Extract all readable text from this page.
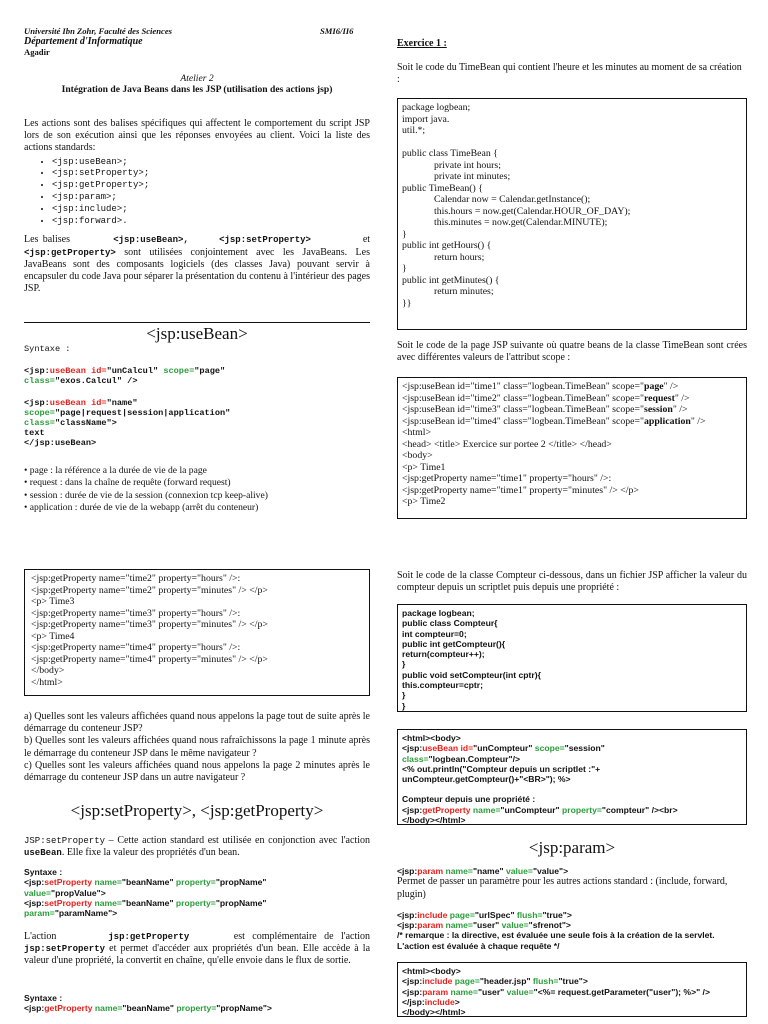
Université Ibn Zohr, Faculté des Sciences	SMI6/II6
Département d'Informatique
Agadir
Atelier 2
Intégration de Java Beans dans les JSP (utilisation des actions jsp)
Les actions sont des balises spécifiques qui affectent le comportement du script JSP lors de son exécution ainsi que les réponses envoyées au client. Voici la liste des actions standards:
• <jsp:useBean>;
• <jsp:setProperty>;
• <jsp:getProperty>;
• <jsp:param>;
• <jsp:include>;
• <jsp:forward>.
Les balises	<jsp:useBean>,	<jsp:setProperty>	et <jsp:getProperty> sont utilisées conjointement avec les JavaBeans. Les JavaBeans sont des composants logiciels (des classes Java) pouvant servir à encapsuler du code Java pour séparer la présentation du contenu à l'intérieur des pages JSP.
<jsp:useBean>
Syntaxe :
<jsp:useBean id="unCalcul" scope="page"
class="exos.Calcul" />
<jsp:useBean id="name"
scope="page|request|session|application"
class="className">
text
</jsp:useBean>
• page : la référence a la durée de vie de la page
• request : dans la chaîne de requête (forward request)
• session : durée de vie de la session (connexion tcp keep-alive)
• application : durée de vie de la webapp (arrêt du conteneur)
<jsp:getProperty name="time2" property="hours" />:
<jsp:getProperty name="time2" property="minutes" /> </p>
<p> Time3
<jsp:getProperty name="time3" property="hours" />:
<jsp:getProperty name="time3" property="minutes" /> </p>
<p> Time4
<jsp:getProperty name="time4" property="hours" />:
<jsp:getProperty name="time4" property="minutes" /> </p>
</body>
</html>
a) Quelles sont les valeurs affichées quand nous appelons la page tout de suite après le démarrage du conteneur JSP?
b) Quelles sont les valeurs affichées quand nous rafraîchissons la page 1 minute après le démarrage du conteneur JSP dans le même navigateur ?
c) Quelles sont les valeurs affichées quand nous appelons la page 2 minutes après le démarrage du conteneur JSP dans un autre navigateur ?
<jsp:setProperty>, <jsp:getProperty>
JSP:setProperty – Cette action standard est utilisée en conjonction avec l'action useBean. Elle fixe la valeur des propriétés d'un bean.
Syntaxe :
<jsp:setProperty name="beanName" property="propName"
value="propValue">
<jsp:setProperty name="beanName" property="propName"
param="paramName">
L'action	jsp:getProperty	est complémentaire de l'action jsp:setProperty et permet d'accéder aux propriétés d'un bean. Elle accède à la valeur d'une propriété, la convertit en chaîne, qu'elle envoie dans le flux de sortie.
Syntaxe :
<jsp:getProperty name="beanName" property="propName">
Exercice 1 :
Soit le code du TimeBean qui contient l'heure et les minutes au moment de sa création :
package logbean;
import java.
util.*;
public class TimeBean {
private int hours;
private int minutes;
public TimeBean() {
Calendar now = Calendar.getInstance();
this.hours = now.get(Calendar.HOUR_OF_DAY);
this.minutes = now.get(Calendar.MINUTE);
}
public int getHours() {
return hours;
}
public int getMinutes() {
return minutes;
}}
Soit le code de la page JSP suivante où quatre beans de la classe TimeBean sont crées avec différentes valeurs de l'attribut scope :
<jsp:useBean id="time1" class="logbean.TimeBean" scope="page" />
<jsp:useBean id="time2" class="logbean.TimeBean" scope="request" />
<jsp:useBean id="time3" class="logbean.TimeBean" scope="session" />
<jsp:useBean id="time4" class="logbean.TimeBean" scope="application" />
<html>
<head> <title> Exercice sur portee 2 </title> </head>
<body>
<p> Time1
<jsp:getProperty name="time1" property="hours" />:
<jsp:getProperty name="time1" property="minutes" /> </p>
<p> Time2
Soit le code de la classe Compteur ci-dessous, dans un fichier JSP afficher la valeur du compteur depuis un scriptlet puis depuis une propriété :
package logbean;
public class Compteur{
int compteur=0;
public int getCompteur(){
return(compteur++);
}
public void setCompteur(int cptr){
this.compteur=cptr;
}
}
<html><body>
<jsp:useBean id="unCompteur" scope="session"
class="logbean.Compteur"/>
<% out.println("Compteur depuis un scriptlet :"+
unCompteur.getCompteur()+"<BR>"); %>
Compteur depuis une propriété :
<jsp:getProperty name="unCompteur" property="compteur" /><br>
</body></html>
<jsp:param>
<jsp:param name="name" value="value">
Permet de passer un paramètre pour les autres actions standard : (include, forward, plugin)
<jsp:include page="urlSpec" flush="true">
<jsp:param name="user" value="sfrenot">
/* remarque : la directive, est évaluée une seule fois à la création de la servlet.
L'action est évaluée à chaque requête */
<html><body>
<jsp:include page="header.jsp" flush="true">
<jsp:param name="user" value="<%= request.getParameter("user"); %>" />
</jsp:include>
</body></html>
